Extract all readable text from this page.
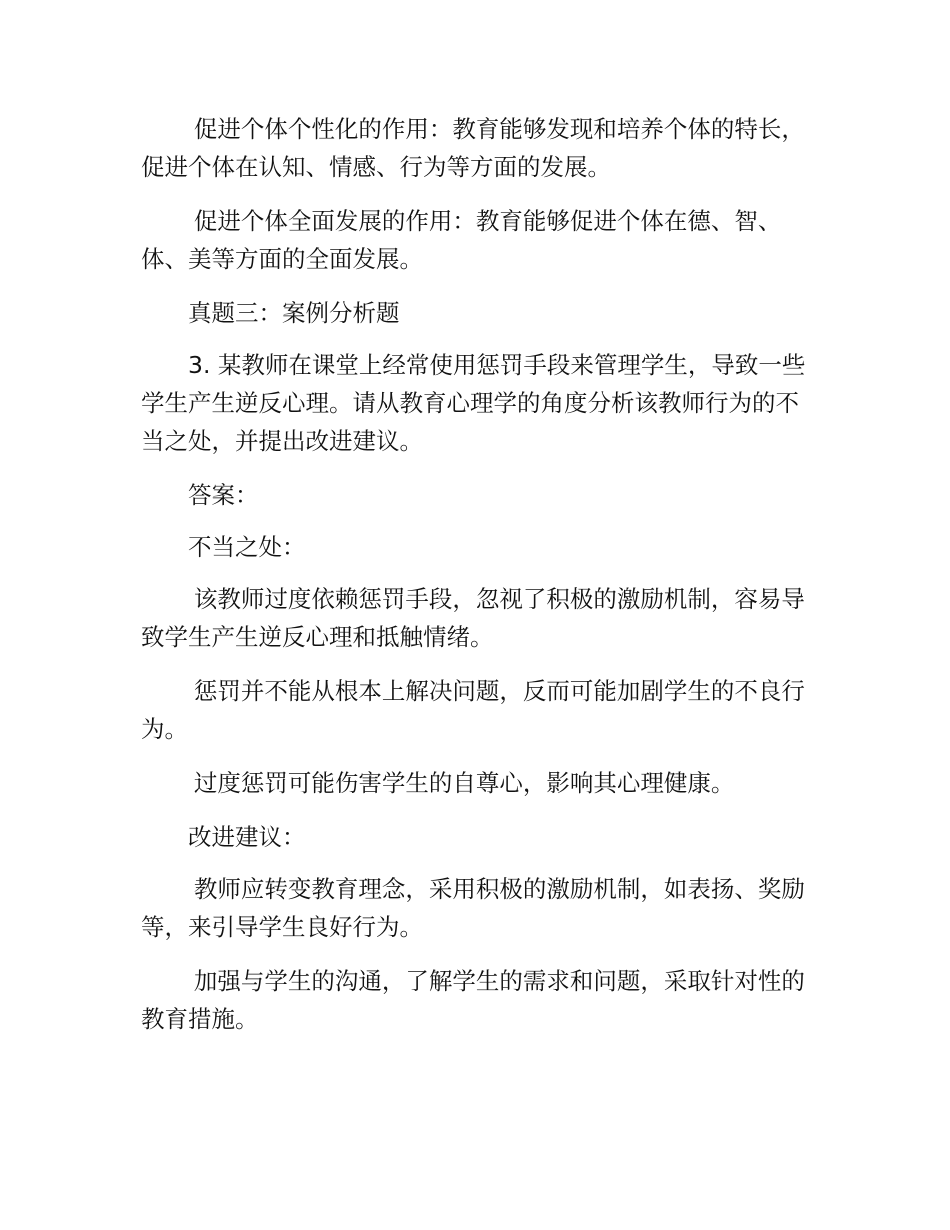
促进个体个性化的作用：教育能够发现和培养个体的特长，促进个体在认知、情感、行为等方面的发展。

促进个体全面发展的作用：教育能够促进个体在德、智、体、美等方面的全面发展。

真题三：案例分析题

3. 某教师在课堂上经常使用惩罚手段来管理学生，导致一些学生产生逆反心理。请从教育心理学的角度分析该教师行为的不当之处，并提出改进建议。

答案：

不当之处：

该教师过度依赖惩罚手段，忽视了积极的激励机制，容易导致学生产生逆反心理和抵触情绪。

惩罚并不能从根本上解决问题，反而可能加剧学生的不良行为。

过度惩罚可能伤害学生的自尊心，影响其心理健康。

改进建议：

教师应转变教育理念，采用积极的激励机制，如表扬、奖励等，来引导学生良好行为。

加强与学生的沟通，了解学生的需求和问题，采取针对性的教育措施。
